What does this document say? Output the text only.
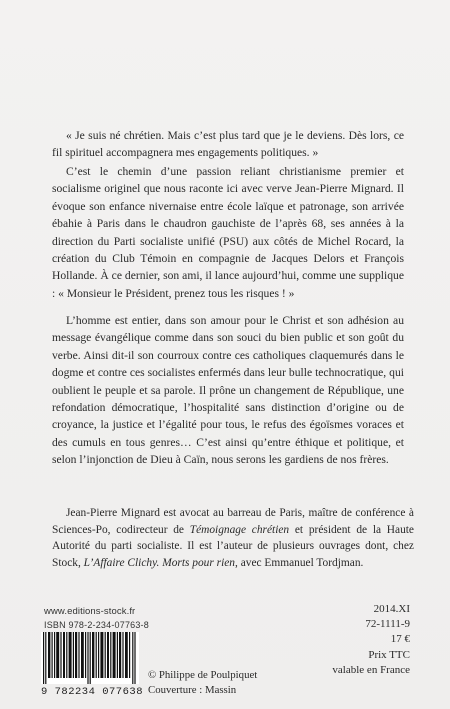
« Je suis né chrétien. Mais c’est plus tard que je le deviens. Dès lors, ce fil spirituel accompagnera mes engagements politiques. »

C’est le chemin d’une passion reliant christianisme premier et socialisme originel que nous raconte ici avec verve Jean-Pierre Mignard. Il évoque son enfance nivernaise entre école laïque et patronage, son arrivée ébahie à Paris dans le chaudron gauchiste de l’après 68, ses années à la direction du Parti socialiste unifié (PSU) aux côtés de Michel Rocard, la création du Club Témoin en compagnie de Jacques Delors et François Hollande. À ce dernier, son ami, il lance aujourd’hui, comme une supplique : « Monsieur le Président, prenez tous les risques ! »

L’homme est entier, dans son amour pour le Christ et son adhésion au message évangélique comme dans son souci du bien public et son goût du verbe. Ainsi dit-il son courroux contre ces catholiques claquemurés dans le dogme et contre ces socialistes enfermés dans leur bulle technocratique, qui oublient le peuple et sa parole. Il prône un changement de République, une refondation démocratique, l’hospitalité sans distinction d’origine ou de croyance, la justice et l’égalité pour tous, le refus des égoïsmes voraces et des cumuls en tous genres… C’est ainsi qu’entre éthique et politique, et selon l’injonction de Dieu à Caïn, nous serons les gardiens de nos frères.

Jean-Pierre Mignard est avocat au barreau de Paris, maître de conférence à Sciences-Po, codirecteur de Témoignage chrétien et président de la Haute Autorité du parti socialiste. Il est l’auteur de plusieurs ouvrages dont, chez Stock, L’Affaire Clichy. Morts pour rien, avec Emmanuel Tordjman.

www.editions-stock.fr
ISBN 978-2-234-07763-8
9 782234 077638
© Philippe de Poulpiquet
Couverture : Massin
2014.XI
72-1111-9
17 €
Prix TTC
valable en France
